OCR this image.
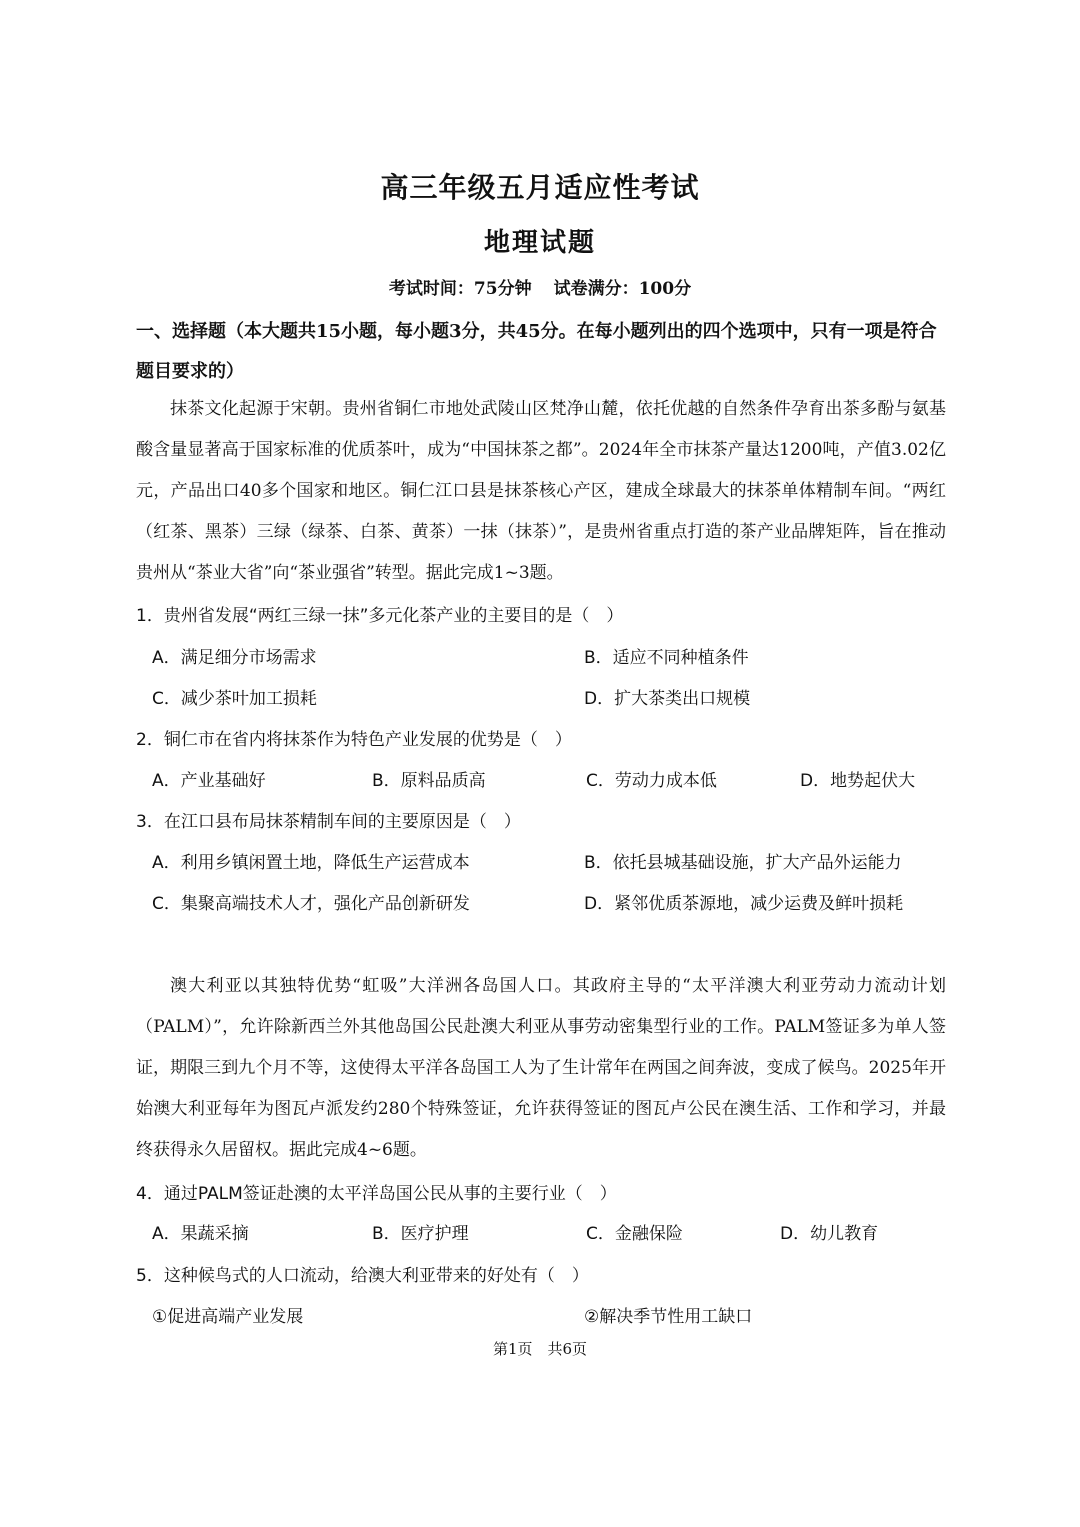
高三年级五月适应性考试
地理试题
考试时间：75分钟 试卷满分：100分
一、选择题（本大题共15小题，每小题3分，共45分。在每小题列出的四个选项中，只有一项是符合题目要求的）
抹茶文化起源于宋朝。贵州省铜仁市地处武陵山区梵净山麓，依托优越的自然条件孕育出茶多酚与氨基酸含量显著高于国家标准的优质茶叶，成为“中国抹茶之都”。2024年全市抹茶产量达1200吨，产值3.02亿元，产品出口40多个国家和地区。铜仁江口县是抹茶核心产区，建成全球最大的抹茶单体精制车间。“两红（红茶、黑茶）三绿（绿茶、白茶、黄茶）一抹（抹茶）”，是贵州省重点打造的茶产业品牌矩阵，旨在推动贵州从“茶业大省”向“茶业强省”转型。据此完成1~3题。
1．贵州省发展“两红三绿一抹”多元化茶产业的主要目的是（　）
A．满足细分市场需求	B．适应不同种植条件
C．减少茶叶加工损耗	D．扩大茶类出口规模
2．铜仁市在省内将抹茶作为特色产业发展的优势是（　）
A．产业基础好	B．原料品质高	C．劳动力成本低	D．地势起伏大
3．在江口县布局抹茶精制车间的主要原因是（　）
A．利用乡镇闲置土地，降低生产运营成本	B．依托县城基础设施，扩大产品外运能力
C．集聚高端技术人才，强化产品创新研发	D．紧邻优质茶源地，减少运费及鲜叶损耗
澳大利亚以其独特优势“虹吸”大洋洲各岛国人口。其政府主导的“太平洋澳大利亚劳动力流动计划（PALM）”，允许除新西兰外其他岛国公民赴澳大利亚从事劳动密集型行业的工作。PALM签证多为单人签证，期限三到九个月不等，这使得太平洋各岛国工人为了生计常年在两国之间奔波，变成了候鸟。2025年开始澳大利亚每年为图瓦卢派发约280个特殊签证，允许获得签证的图瓦卢公民在澳生活、工作和学习，并最终获得永久居留权。据此完成4~6题。
4．通过PALM签证赴澳的太平洋岛国公民从事的主要行业（　）
A．果蔬采摘	B．医疗护理	C．金融保险	D．幼儿教育
5．这种候鸟式的人口流动，给澳大利亚带来的好处有（　）
①促进高端产业发展	②解决季节性用工缺口
第1页　共6页
